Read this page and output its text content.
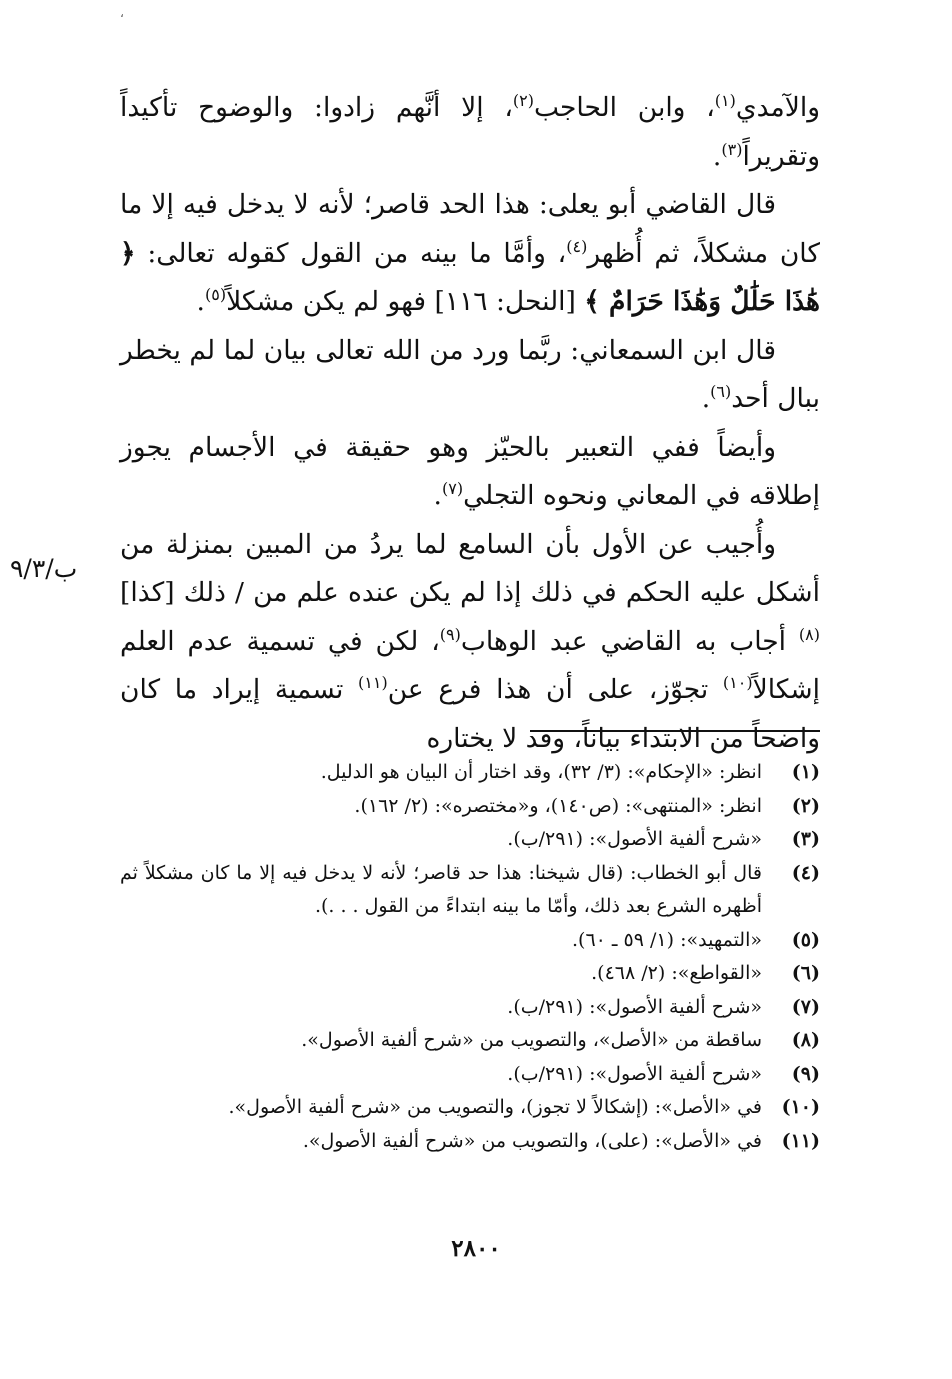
،
ب/٩/٣

والآمدي$^{(١)}$، وابن الحاجب$^{(٢)}$، إلا أنَّهم زادوا: والوضوح تأكيداً وتقريراً$^{(٣)}$.

قال القاضي أبو يعلى: هذا الحد قاصر؛ لأنه لا يدخل فيه إلا ما كان مشكلاً، ثم أُظهر$^{(٤)}$، وأمَّا ما بينه من القول كقوله تعالى: ﴿ هَٰذَا حَلَٰلٌ وَهَٰذَا حَرَامٌ ﴾ [النحل: ١١٦] فهو لم يكن مشكلاً$^{(٥)}$.

قال ابن السمعاني: ربَّما ورد من الله تعالى بيان لما لم يخطر ببال أحد$^{(٦)}$.

وأيضاً ففي التعبير بالحيّز وهو حقيقة في الأجسام يجوز إطلاقه في المعاني ونحوه التجلي$^{(٧)}$.

وأُجيب عن الأول بأن السامع لما يردُ من المبين بمنزلة من أشكل عليه الحكم في ذلك إذا لم يكن عنده علم من / ذلك [كذا]$^{(٨)}$ أجاب به القاضي عبد الوهاب$^{(٩)}$، لكن في تسمية عدم العلم إشكالاً$^{(١٠)}$ تجوّز، على أن هذا فرع عن$^{(١١)}$ تسمية إيراد ما كان واضحاً من الابتداء بياناً، وقد لا يختاره

(١)
انظر: «الإحكام»: (٣/ ٣٢)، وقد اختار أن البيان هو الدليل.
(٢)
انظر: «المنتهى»: (ص١٤٠)، و«مختصره»: (٢/ ١٦٢).
(٣)
«شرح ألفية الأصول»: (٢٩١/ب).
(٤)
قال أبو الخطاب: (قال شيخنا: هذا حد قاصر؛ لأنه لا يدخل فيه إلا ما كان مشكلاً ثم أظهره الشرع بعد ذلك، وأمّا ما بينه ابتداءً من القول . . .).
(٥)
«التمهيد»: (١/ ٥٩ ـ ٦٠).
(٦)
«القواطع»: (٢/ ٤٦٨).
(٧)
«شرح ألفية الأصول»: (٢٩١/ب).
(٨)
ساقطة من «الأصل»، والتصويب من «شرح ألفية الأصول».
(٩)
«شرح ألفية الأصول»: (٢٩١/ب).
(١٠)
في «الأصل»: (إشكالاً لا تجوز)، والتصويب من «شرح ألفية الأصول».
(١١)
في «الأصل»: (على)، والتصويب من «شرح ألفية الأصول».
٢٨٠٠
